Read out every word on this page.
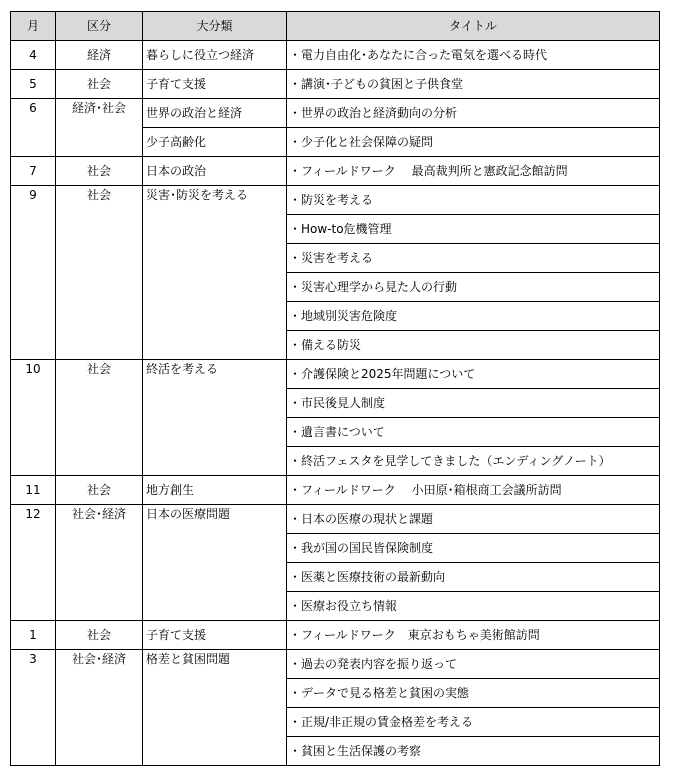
月	区分	大分類	タイトル
4	経済	暮らしに役立つ経済	・電力自由化･あなたに合った電気を選べる時代
5	社会	子育て支援	・講演･子どもの貧困と子供食堂
6	経済･社会	世界の政治と経済	・世界の政治と経済動向の分析
		少子高齢化	・少子化と社会保障の疑問
7	社会	日本の政治	・フィールドワーク　 最高裁判所と憲政記念館訪問
9	社会	災害･防災を考える	・防災を考える
			・How-to危機管理
			・災害を考える
			・災害心理学から見た人の行動
			・地域別災害危険度
			・備える防災
10	社会	終活を考える	・介護保険と2025年問題について
			・市民後見人制度
			・遺言書について
			・終活フェスタを見学してきました（エンディングノート）
11	社会	地方創生	・フィールドワーク　 小田原･箱根商工会議所訪問
12	社会･経済	日本の医療問題	・日本の医療の現状と課題
			・我が国の国民皆保険制度
			・医薬と医療技術の最新動向
			・医療お役立ち情報
1	社会	子育て支援	・フィールドワーク　東京おもちゃ美術館訪問
3	社会･経済	格差と貧困問題	・過去の発表内容を振り返って
			・データで見る格差と貧困の実態
			・正規/非正規の賃金格差を考える
			・貧困と生活保護の考察
